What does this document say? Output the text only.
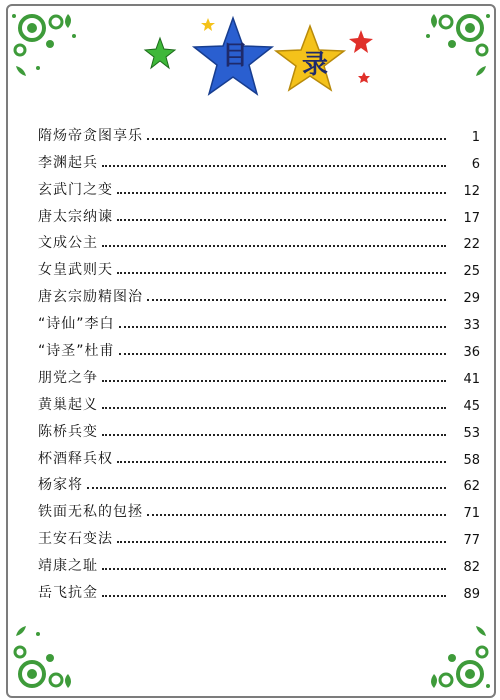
目 录
隋炀帝贪图享乐	1
李渊起兵	6
玄武门之变	12
唐太宗纳谏	17
文成公主	22
女皇武则天	25
唐玄宗励精图治	29
“诗仙”李白	33
“诗圣”杜甫	36
朋党之争	41
黄巢起义	45
陈桥兵变	53
杯酒释兵权	58
杨家将	62
铁面无私的包拯	71
王安石变法	77
靖康之耻	82
岳飞抗金	89
